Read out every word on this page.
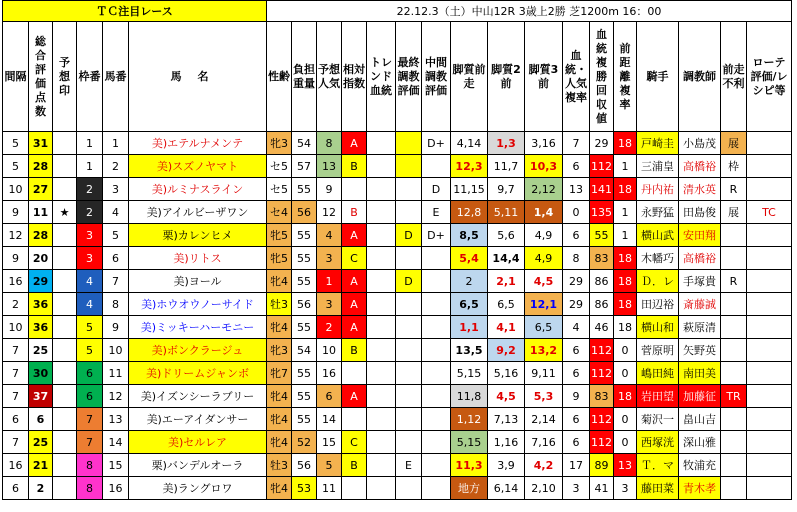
ＴＣ注目レース						22.12.3（土）中山12R 3歳上2勝 芝1200m 16：00																
間隔	総合評価点数	予想印	枠番	馬番	馬名	性齢	負担重量	予想人気	相対指数	トレンド血統	最終調教評価	中間調教評価	脚質前走	脚質2前	脚質3前	血統・人気複率	血統複勝回収値	前距離複率	騎手	調教師	前走不利	ローテ評価/レシピ等
5	31		1	1	美)エテルナメンテ	牝3	54	8	A			D+	4,14	1,3	3,16	7	29	18	戸崎圭	小島茂	展	
5	28		1	2	美)スズノヤマト	セ5	57	13	B				12,3	11,7	10,3	6	112	1	三浦皇	高橋裕	枠	
10	27		2	3	美)ルミナスライン	セ5	55	9				D	11,15	9,7	2,12	13	141	18	丹内祐	清水英	R	
9	11	★	2	4	美)アイルビーザワン	セ4	56	12	B			E	12,8	5,11	1,4	0	135	1	永野猛	田島俊	展	TC
12	28		3	5	栗)カレンヒメ	牝5	55	4	A		D	D+	8,5	5,6	4,9	6	55	1	横山武	安田翔		
9	20		3	6	美)リトス	牝5	55	3	C				5,4	14,4	4,9	8	83	18	木幡巧	高橋裕		
16	29		4	7	美)ヨール	牝4	55	1	A		D		2	2,1	4,5	29	86	18	Ｄ．レ	手塚貴	R	
2	36		4	8	美)ホウオウノーサイド	牡3	56	3	A				6,5	6,5	12,1	29	86	18	田辺裕	斎藤誠		
10	36		5	9	美)ミッキーハーモニー	牝4	55	2	A				1,1	4,1	6,5	4	46	18	横山和	萩原清		
7	25		5	10	美)ボンクラージュ	牝3	54	10	B				13,5	9,2	13,2	6	112	0	菅原明	矢野英		
7	30		6	11	美)ドリームジャンボ	牝7	55	16					5,15	5,16	9,11	6	112	0	嶋田純	南田美		
7	37		6	12	美)イズンシーラブリー	牝4	55	6	A				11,8	4,5	5,3	9	83	18	岩田望	加藤征	TR	
6	6		7	13	美)エーアイダンサー	牝4	55	14					1,12	7,13	2,14	6	112	0	菊沢一	畠山吉		
7	25		7	14	美)セルレア	牝4	52	15	C				5,15	1,16	7,16	6	112	0	西塚洸	深山雅		
16	21		8	15	栗)バンデルオーラ	牡3	56	5	B		E		11,3	3,9	4,2	17	89	13	Ｔ．マ	牧浦充		
6	2		8	16	美)ラングロワ	牝4	53	11					地方	6,14	2,10	3	41	3	藤田菜	青木孝		
